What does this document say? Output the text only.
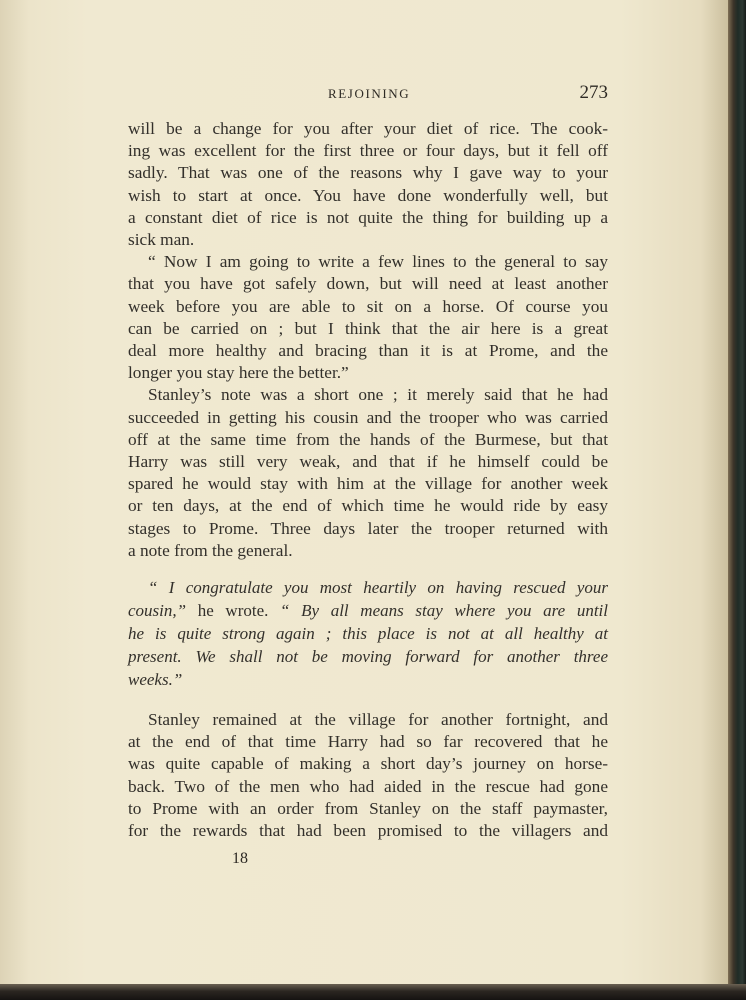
REJOINING	273
will be a change for you after your diet of rice. The cook-
ing was excellent for the first three or four days, but it fell off
sadly. That was one of the reasons why I gave way to your
wish to start at once. You have done wonderfully well, but
a constant diet of rice is not quite the thing for building up a
sick man.
“ Now I am going to write a few lines to the general to say
that you have got safely down, but will need at least another
week before you are able to sit on a horse. Of course you
can be carried on ; but I think that the air here is a great
deal more healthy and bracing than it is at Prome, and the
longer you stay here the better.”
Stanley’s note was a short one ; it merely said that he had
succeeded in getting his cousin and the trooper who was carried
off at the same time from the hands of the Burmese, but that
Harry was still very weak, and that if he himself could be
spared he would stay with him at the village for another week
or ten days, at the end of which time he would ride by easy
stages to Prome. Three days later the trooper returned with
a note from the general.
“ I congratulate you most heartily on having rescued your
cousin,” he wrote. “ By all means stay where you are until
he is quite strong again ; this place is not at all healthy at
present. We shall not be moving forward for another three
weeks.”
Stanley remained at the village for another fortnight, and
at the end of that time Harry had so far recovered that he
was quite capable of making a short day’s journey on horse-
back. Two of the men who had aided in the rescue had gone
to Prome with an order from Stanley on the staff paymaster,
for the rewards that had been promised to the villagers and
18
